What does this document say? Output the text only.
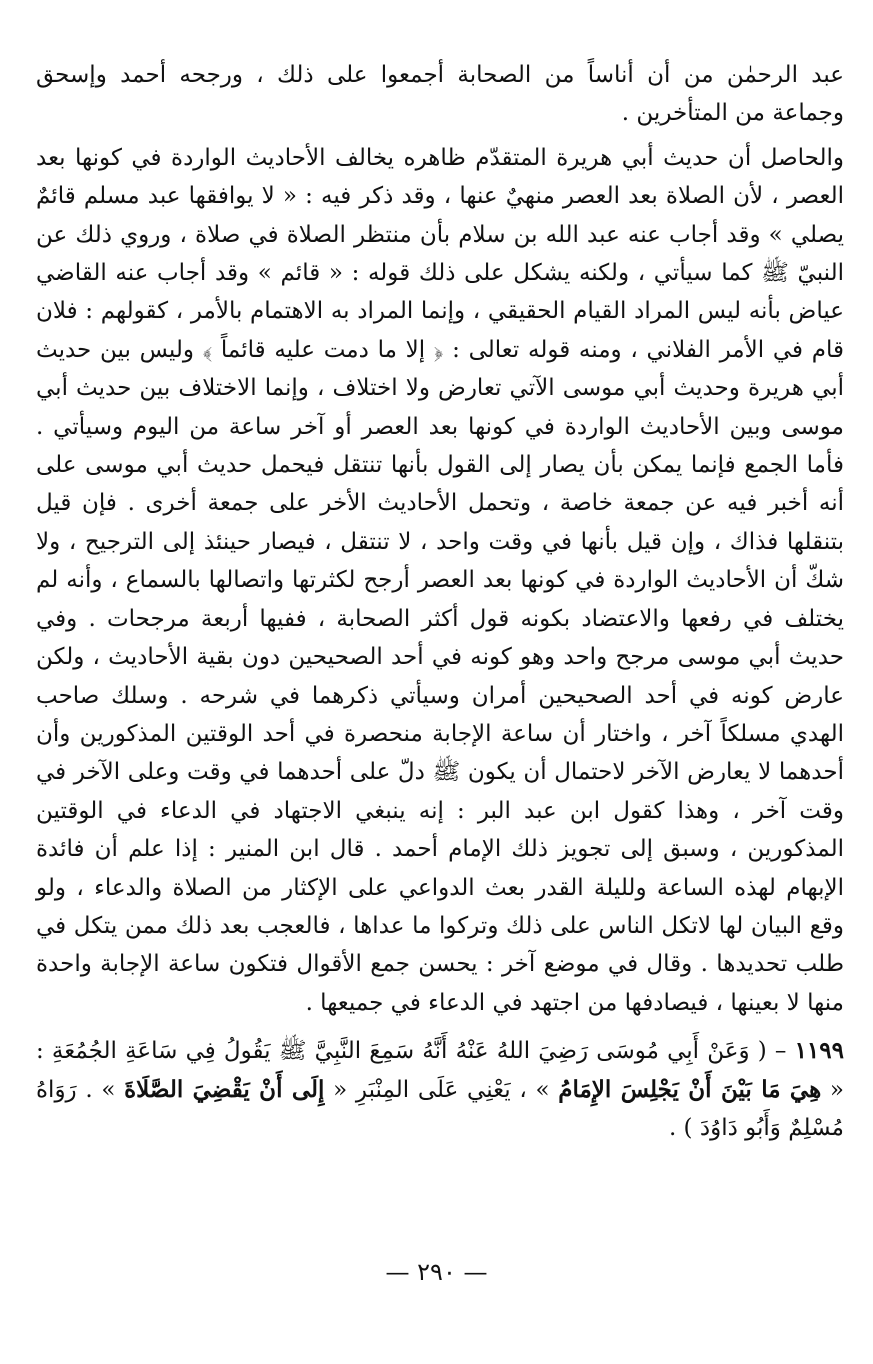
عبد الرحمٰن من أن أناساً من الصحابة أجمعوا على ذلك ، ورجحه أحمد وإسحق وجماعة من المتأخرين .

والحاصل أن حديث أبي هريرة المتقدّم ظاهره يخالف الأحاديث الواردة في كونها بعد العصر ، لأن الصلاة بعد العصر منهيٌ عنها ، وقد ذكر فيه : « لا يوافقها عبد مسلم قائمٌ يصلي » وقد أجاب عنه عبد الله بن سلام بأن منتظر الصلاة في صلاة ، وروي ذلك عن النبيّ ﷺ كما سيأتي ، ولكنه يشكل على ذلك قوله : « قائم » وقد أجاب عنه القاضي عياض بأنه ليس المراد القيام الحقيقي ، وإنما المراد به الاهتمام بالأمر ، كقولهم : فلان قام في الأمر الفلاني ، ومنه قوله تعالى : ﴿ إلا ما دمت عليه قائماً ﴾ وليس بين حديث أبي هريرة وحديث أبي موسى الآتي تعارض ولا اختلاف ، وإنما الاختلاف بين حديث أبي موسى وبين الأحاديث الواردة في كونها بعد العصر أو آخر ساعة من اليوم وسيأتي . فأما الجمع فإنما يمكن بأن يصار إلى القول بأنها تنتقل فيحمل حديث أبي موسى على أنه أخبر فيه عن جمعة خاصة ، وتحمل الأحاديث الأخر على جمعة أخرى . فإن قيل بتنقلها فذاك ، وإن قيل بأنها في وقت واحد ، لا تنتقل ، فيصار حينئذ إلى الترجيح ، ولا شكّ أن الأحاديث الواردة في كونها بعد العصر أرجح لكثرتها واتصالها بالسماع ، وأنه لم يختلف في رفعها والاعتضاد بكونه قول أكثر الصحابة ، ففيها أربعة مرجحات . وفي حديث أبي موسى مرجح واحد وهو كونه في أحد الصحيحين دون بقية الأحاديث ، ولكن عارض كونه في أحد الصحيحين أمران وسيأتي ذكرهما في شرحه . وسلك صاحب الهدي مسلكاً آخر ، واختار أن ساعة الإجابة منحصرة في أحد الوقتين المذكورين وأن أحدهما لا يعارض الآخر لاحتمال أن يكون ﷺ دلّ على أحدهما في وقت وعلى الآخر في وقت آخر ، وهذا كقول ابن عبد البر : إنه ينبغي الاجتهاد في الدعاء في الوقتين المذكورين ، وسبق إلى تجويز ذلك الإمام أحمد . قال ابن المنير : إذا علم أن فائدة الإبهام لهذه الساعة ولليلة القدر بعث الدواعي على الإكثار من الصلاة والدعاء ، ولو وقع البيان لها لاتكل الناس على ذلك وتركوا ما عداها ، فالعجب بعد ذلك ممن يتكل في طلب تحديدها . وقال في موضع آخر : يحسن جمع الأقوال فتكون ساعة الإجابة واحدة منها لا بعينها ، فيصادفها من اجتهد في الدعاء في جميعها .

١١٩٩ – ( وَعَنْ أَبِي مُوسَى رَضِيَ اللهُ عَنْهُ أَنَّهُ سَمِعَ النَّبِيَّ ﷺ يَقُولُ فِي سَاعَةِ الجُمُعَةِ : « هِيَ مَا بَيْنَ أَنْ يَجْلِسَ الإِمَامُ » ، يَعْنِي عَلَى المِنْبَرِ « إِلَى أَنْ يَقْضِيَ الصَّلَاةَ » . رَوَاهُ مُسْلِمٌ وَأَبُو دَاوُدَ ) .

— ٢٩٠ —
